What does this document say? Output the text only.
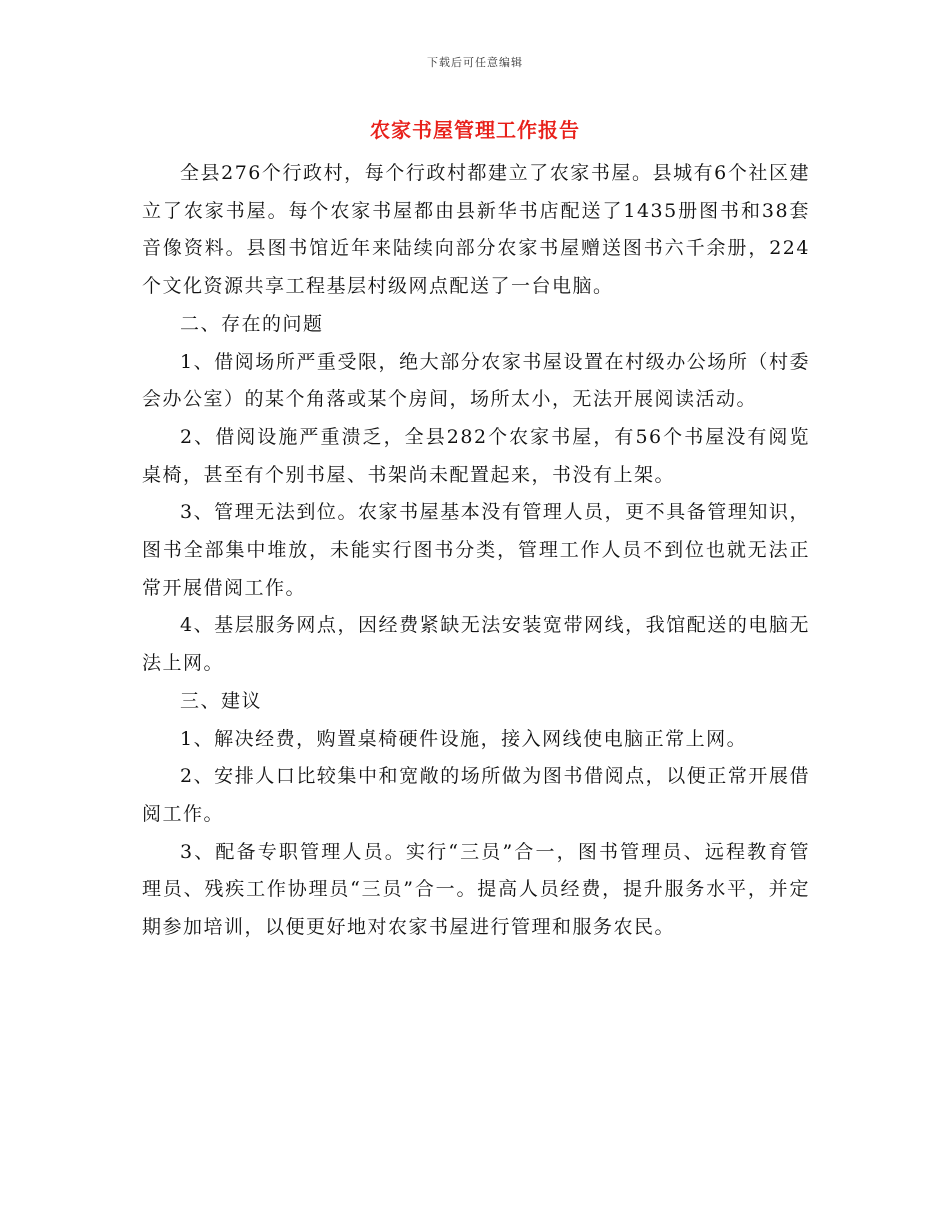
下载后可任意编辑
农家书屋管理工作报告

全县276个行政村，每个行政村都建立了农家书屋。县城有6个社区建立了农家书屋。每个农家书屋都由县新华书店配送了1435册图书和38套音像资料。县图书馆近年来陆续向部分农家书屋赠送图书六千余册，224个文化资源共享工程基层村级网点配送了一台电脑。

二、存在的问题

1、借阅场所严重受限，绝大部分农家书屋设置在村级办公场所（村委会办公室）的某个角落或某个房间，场所太小，无法开展阅读活动。

2、借阅设施严重溃乏，全县282个农家书屋，有56个书屋没有阅览桌椅，甚至有个别书屋、书架尚未配置起来，书没有上架。

3、管理无法到位。农家书屋基本没有管理人员，更不具备管理知识，图书全部集中堆放，未能实行图书分类，管理工作人员不到位也就无法正常开展借阅工作。

4、基层服务网点，因经费紧缺无法安装宽带网线，我馆配送的电脑无法上网。

三、建议

1、解决经费，购置桌椅硬件设施，接入网线使电脑正常上网。

2、安排人口比较集中和宽敞的场所做为图书借阅点，以便正常开展借阅工作。

3、配备专职管理人员。实行“三员”合一，图书管理员、远程教育管理员、残疾工作协理员“三员”合一。提高人员经费，提升服务水平，并定期参加培训，以便更好地对农家书屋进行管理和服务农民。
